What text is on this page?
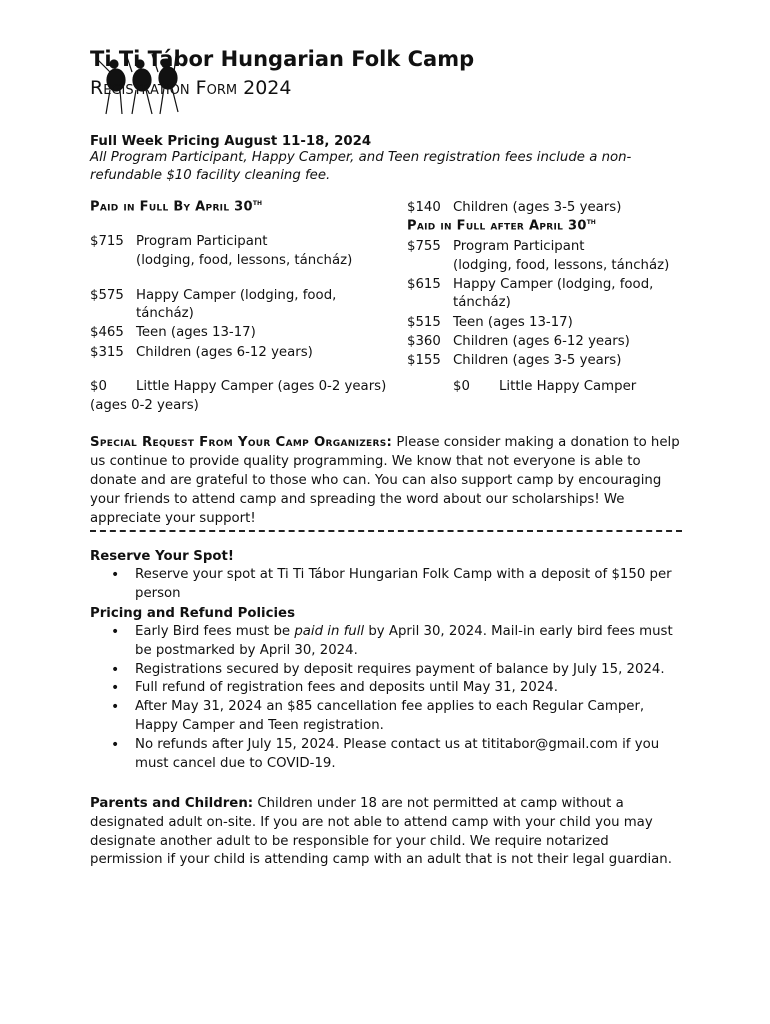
Ti Ti Tábor Hungarian Folk Camp
Registration Form 2024
Full Week Pricing August 11-18, 2024
All Program Participant, Happy Camper, and Teen registration fees include a non-refundable $10 facility cleaning fee.
Paid in Full By April 30th
$715 Program Participant
(lodging, food, lessons, táncház)
$575 Happy Camper (lodging, food,
táncház)
$465 Teen (ages 13-17)
$315 Children (ages 6-12 years)
$140 Children (ages 3-5 years)
Paid in Full after April 30th
$755 Program Participant
(lodging, food, lessons, táncház)
$615 Happy Camper (lodging, food,
táncház)
$515 Teen (ages 13-17)
$360 Children (ages 6-12 years)
$155 Children (ages 3-5 years)
$0 Little Happy Camper (ages 0-2 years)	$0 Little Happy Camper
(ages 0-2 years)
Special Request From Your Camp Organizers: Please consider making a donation to help us continue to provide quality programming. We know that not everyone is able to donate and are grateful to those who can. You can also support camp by encouraging your friends to attend camp and spreading the word about our scholarships! We appreciate your support!
Reserve Your Spot!
• Reserve your spot at Ti Ti Tábor Hungarian Folk Camp with a deposit of $150 per person
Pricing and Refund Policies
• Early Bird fees must be paid in full by April 30, 2024. Mail-in early bird fees must be postmarked by April 30, 2024.
• Registrations secured by deposit requires payment of balance by July 15, 2024.
• Full refund of registration fees and deposits until May 31, 2024.
• After May 31, 2024 an $85 cancellation fee applies to each Regular Camper, Happy Camper and Teen registration.
• No refunds after July 15, 2024. Please contact us at tititabor@gmail.com if you must cancel due to COVID-19.
Parents and Children: Children under 18 are not permitted at camp without a designated adult on-site. If you are not able to attend camp with your child you may designate another adult to be responsible for your child. We require notarized permission if your child is attending camp with an adult that is not their legal guardian.
